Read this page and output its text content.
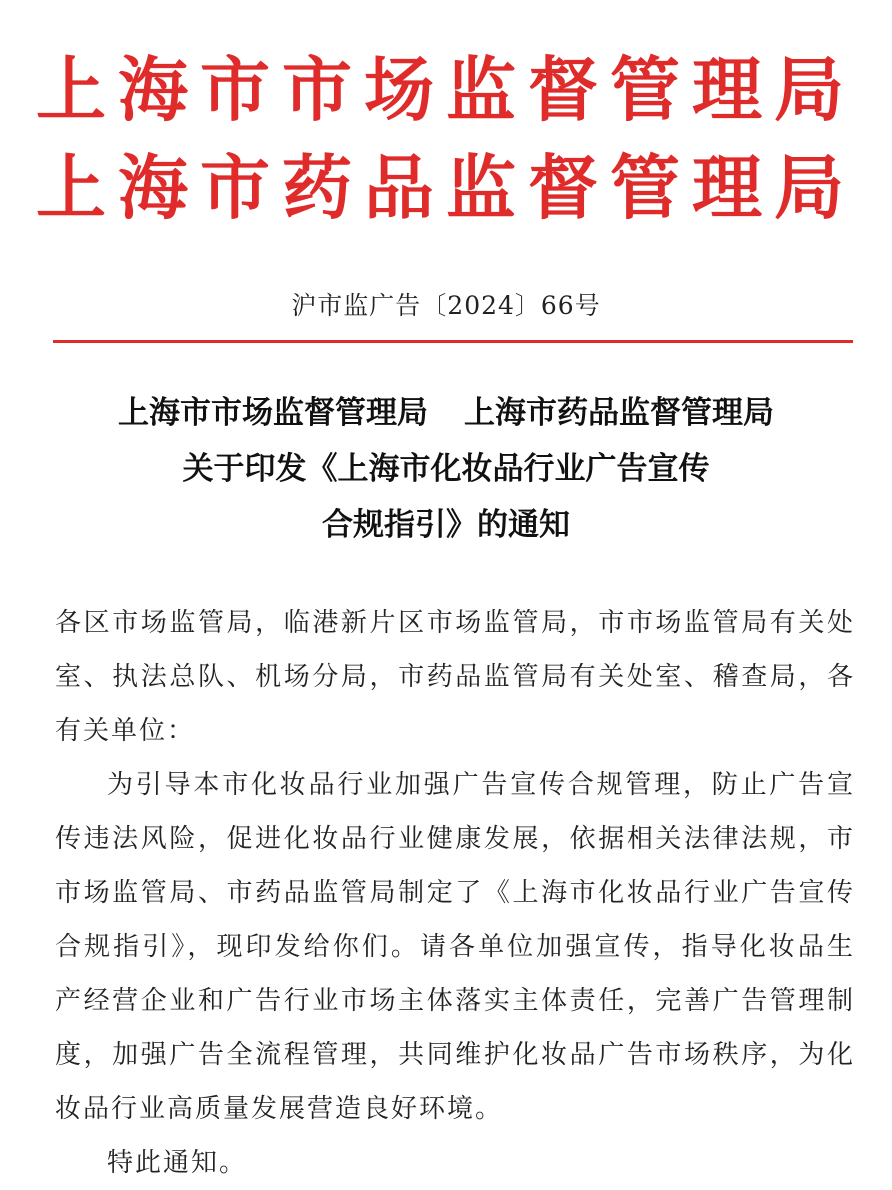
上海市市场监督管理局
上海市药品监督管理局
沪市监广告〔2024〕66号
上海市市场监督管理局 上海市药品监督管理局
关于印发《上海市化妆品行业广告宣传
合规指引》的通知
各区市场监管局，临港新片区市场监管局，市市场监管局有关处
室、执法总队、机场分局，市药品监管局有关处室、稽查局，各
有关单位：
为引导本市化妆品行业加强广告宣传合规管理，防止广告宣
传违法风险，促进化妆品行业健康发展，依据相关法律法规，市
市场监管局、市药品监管局制定了《上海市化妆品行业广告宣传
合规指引》，现印发给你们。请各单位加强宣传，指导化妆品生
产经营企业和广告行业市场主体落实主体责任，完善广告管理制
度，加强广告全流程管理，共同维护化妆品广告市场秩序，为化
妆品行业高质量发展营造良好环境。
特此通知。
